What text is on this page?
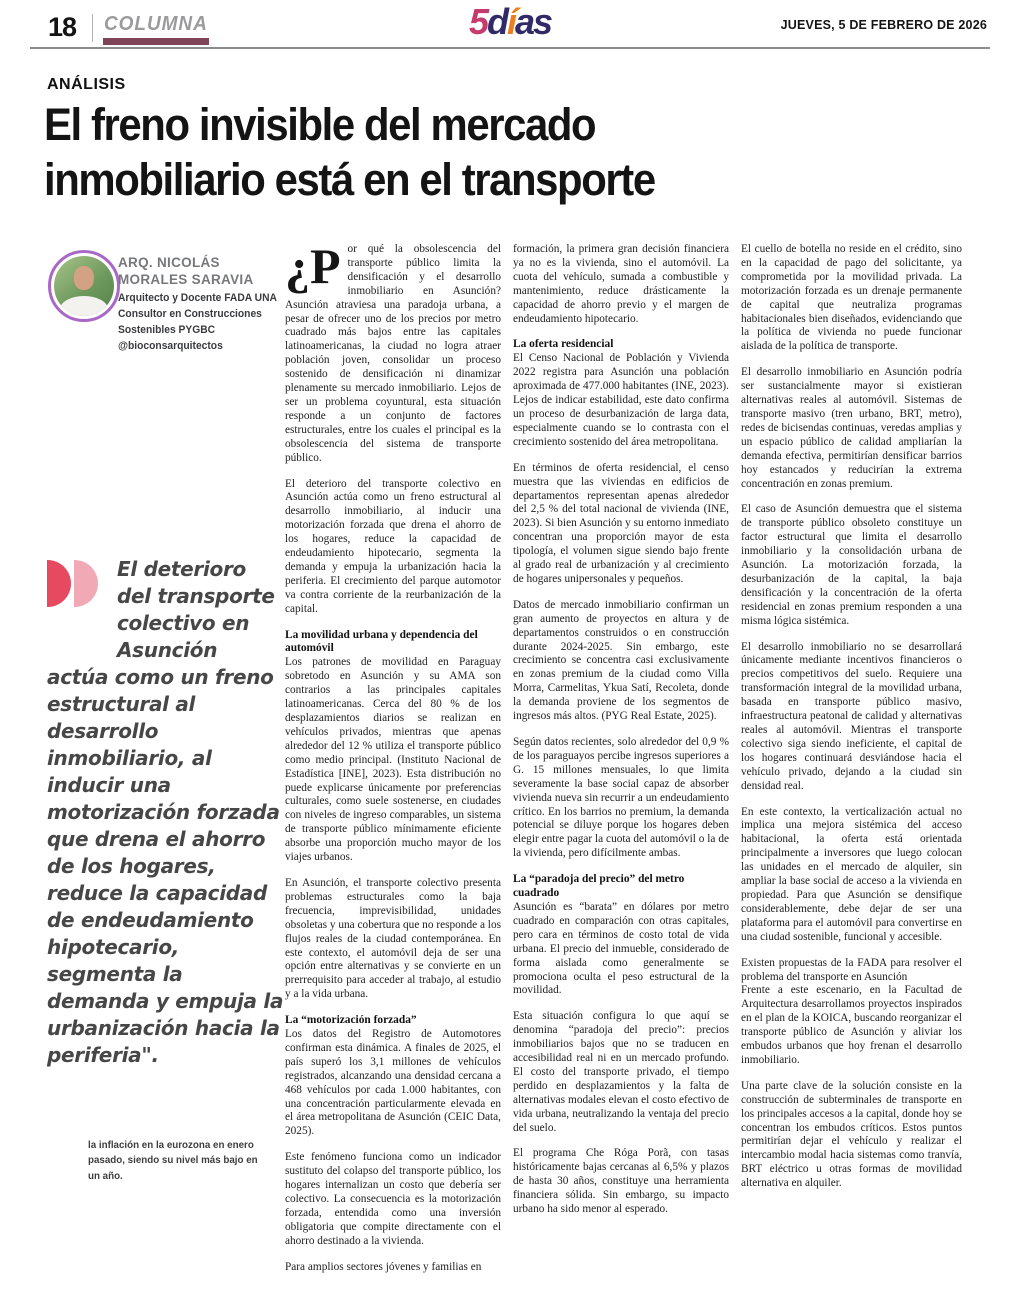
18 COLUMNA	5días	JUEVES, 5 DE FEBRERO DE 2026
ANÁLISIS
El freno invisible del mercado
inmobiliario está en el transporte
ARQ. NICOLÁS
MORALES SARAVIA
Arquitecto y Docente FADA UNA
Consultor en Construcciones
Sostenibles PYGBC
@bioconsarquitectos
El deterioro del transporte colectivo en Asunción actúa como un freno estructural al desarrollo inmobiliario, al inducir una motorización forzada que drena el ahorro de los hogares, reduce la capacidad de endeudamiento hipotecario, segmenta la demanda y empuja la urbanización hacia la periferia".
la inflación en la eurozona en enero pasado, siendo su nivel más bajo en un año.

¿P or qué la obsolescencia del transporte público limita la densificación y el desarrollo inmobiliario en Asunción? Asunción atraviesa una paradoja urbana, a pesar de ofrecer uno de los precios por metro cuadrado más bajos entre las capitales latinoamericanas, la ciudad no logra atraer población joven, consolidar un proceso sostenido de densificación ni dinamizar plenamente su mercado inmobiliario. Lejos de ser un problema coyuntural, esta situación responde a un conjunto de factores estructurales, entre los cuales el principal es la obsolescencia del sistema de transporte público.

El deterioro del transporte colectivo en Asunción actúa como un freno estructural al desarrollo inmobiliario, al inducir una motorización forzada que drena el ahorro de los hogares, reduce la capacidad de endeudamiento hipotecario, segmenta la demanda y empuja la urbanización hacia la periferia. El crecimiento del parque automotor va contra corriente de la reurbanización de la capital.

La movilidad urbana y dependencia del automóvil

Los patrones de movilidad en Paraguay sobretodo en Asunción y su AMA son contrarios a las principales capitales latinoamericanas. Cerca del 80 % de los desplazamientos diarios se realizan en vehículos privados, mientras que apenas alrededor del 12 % utiliza el transporte público como medio principal. (Instituto Nacional de Estadística [INE], 2023). Esta distribución no puede explicarse únicamente por preferencias culturales, como suele sostenerse, en ciudades con niveles de ingreso comparables, un sistema de transporte público mínimamente eficiente absorbe una proporción mucho mayor de los viajes urbanos.

En Asunción, el transporte colectivo presenta problemas estructurales como la baja frecuencia, imprevisibilidad, unidades obsoletas y una cobertura que no responde a los flujos reales de la ciudad contemporánea. En este contexto, el automóvil deja de ser una opción entre alternativas y se convierte en un prerrequisito para acceder al trabajo, al estudio y a la vida urbana.

La “motorización forzada”

Los datos del Registro de Automotores confirman esta dinámica. A finales de 2025, el país superó los 3,1 millones de vehículos registrados, alcanzando una densidad cercana a 468 vehículos por cada 1.000 habitantes, con una concentración particularmente elevada en el área metropolitana de Asunción (CEIC Data, 2025).

Este fenómeno funciona como un indicador sustituto del colapso del transporte público, los hogares internalizan un costo que debería ser colectivo. La consecuencia es la motorización forzada, entendida como una inversión obligatoria que compite directamente con el ahorro destinado a la vivienda.

Para amplios sectores jóvenes y familias en

formación, la primera gran decisión financiera ya no es la vivienda, sino el automóvil. La cuota del vehículo, sumada a combustible y mantenimiento, reduce drásticamente la capacidad de ahorro previo y el margen de endeudamiento hipotecario.

La oferta residencial

El Censo Nacional de Población y Vivienda 2022 registra para Asunción una población aproximada de 477.000 habitantes (INE, 2023). Lejos de indicar estabilidad, este dato confirma un proceso de desurbanización de larga data, especialmente cuando se lo contrasta con el crecimiento sostenido del área metropolitana.

En términos de oferta residencial, el censo muestra que las viviendas en edificios de departamentos representan apenas alrededor del 2,5 % del total nacional de vivienda (INE, 2023). Si bien Asunción y su entorno inmediato concentran una proporción mayor de esta tipología, el volumen sigue siendo bajo frente al grado real de urbanización y al crecimiento de hogares unipersonales y pequeños.

Datos de mercado inmobiliario confirman un gran aumento de proyectos en altura y de departamentos construidos o en construcción durante 2024-2025. Sin embargo, este crecimiento se concentra casi exclusivamente en zonas premium de la ciudad como Villa Morra, Carmelitas, Ykua Satí, Recoleta, donde la demanda proviene de los segmentos de ingresos más altos. (PYG Real Estate, 2025).

Según datos recientes, solo alrededor del 0,9 % de los paraguayos percibe ingresos superiores a G. 15 millones mensuales, lo que limita severamente la base social capaz de absorber vivienda nueva sin recurrir a un endeudamiento crítico. En los barrios no premium, la demanda potencial se diluye porque los hogares deben elegir entre pagar la cuota del automóvil o la de la vivienda, pero difícilmente ambas.

La “paradoja del precio” del metro cuadrado

Asunción es “barata” en dólares por metro cuadrado en comparación con otras capitales, pero cara en términos de costo total de vida urbana. El precio del inmueble, considerado de forma aislada como generalmente se promociona oculta el peso estructural de la movilidad.

Esta situación configura lo que aquí se denomina “paradoja del precio”: precios inmobiliarios bajos que no se traducen en accesibilidad real ni en un mercado profundo. El costo del transporte privado, el tiempo perdido en desplazamientos y la falta de alternativas modales elevan el costo efectivo de vida urbana, neutralizando la ventaja del precio del suelo.

El programa Che Róga Porã, con tasas históricamente bajas cercanas al 6,5% y plazos de hasta 30 años, constituye una herramienta financiera sólida. Sin embargo, su impacto urbano ha sido menor al esperado.

El cuello de botella no reside en el crédito, sino en la capacidad de pago del solicitante, ya comprometida por la movilidad privada. La motorización forzada es un drenaje permanente de capital que neutraliza programas habitacionales bien diseñados, evidenciando que la política de vivienda no puede funcionar aislada de la política de transporte.

El desarrollo inmobiliario en Asunción podría ser sustancialmente mayor si existieran alternativas reales al automóvil. Sistemas de transporte masivo (tren urbano, BRT, metro), redes de bicisendas continuas, veredas amplias y un espacio público de calidad ampliarían la demanda efectiva, permitirían densificar barrios hoy estancados y reducirían la extrema concentración en zonas premium.

El caso de Asunción demuestra que el sistema de transporte público obsoleto constituye un factor estructural que limita el desarrollo inmobiliario y la consolidación urbana de Asunción. La motorización forzada, la desurbanización de la capital, la baja densificación y la concentración de la oferta residencial en zonas premium responden a una misma lógica sistémica.

El desarrollo inmobiliario no se desarrollará únicamente mediante incentivos financieros o precios competitivos del suelo. Requiere una transformación integral de la movilidad urbana, basada en transporte público masivo, infraestructura peatonal de calidad y alternativas reales al automóvil. Mientras el transporte colectivo siga siendo ineficiente, el capital de los hogares continuará desviándose hacia el vehículo privado, dejando a la ciudad sin densidad real.

En este contexto, la verticalización actual no implica una mejora sistémica del acceso habitacional, la oferta está orientada principalmente a inversores que luego colocan las unidades en el mercado de alquiler, sin ampliar la base social de acceso a la vivienda en propiedad. Para que Asunción se densifique considerablemente, debe dejar de ser una plataforma para el automóvil para convertirse en una ciudad sostenible, funcional y accesible.

Existen propuestas de la FADA para resolver el problema del transporte en Asunción

Frente a este escenario, en la Facultad de Arquitectura desarrollamos proyectos inspirados en el plan de la KOICA, buscando reorganizar el transporte público de Asunción y aliviar los embudos urbanos que hoy frenan el desarrollo inmobiliario.

Una parte clave de la solución consiste en la construcción de subterminales de transporte en los principales accesos a la capital, donde hoy se concentran los embudos críticos. Estos puntos permitirían dejar el vehículo y realizar el intercambio modal hacia sistemas como tranvía, BRT eléctrico u otras formas de movilidad alternativa en alquiler.
